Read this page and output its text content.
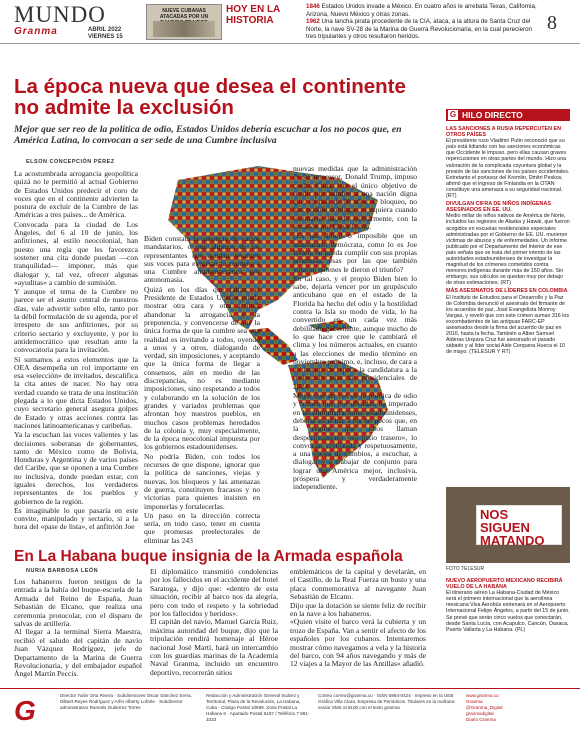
MUNDO
Granma	ABRIL 2022
VIERNES 15
NUEVE CUBANAS ATACADAS POR UN
HOY EN LA
HISTORIA
1846 Estados Unidos invade a México. En cuatro años le arrebata Texas, California, Arizona, Nuevo México y otras zonas.
1962 Una lancha pirata procedente de la CIA, ataca, a la altura de Santa Cruz del Norte, la nave SV-28 de la Marina de Guerra Revolucionaria, en la cual perecieron tres tripulantes y otros resultaron heridos.
8
La época nueva que desea el continente no admite la exclusión
Mejor que ser reo de la política de odio, Estados Unidos debería escuchar a los no pocos que, en América Latina, lo convocan a ser sede de una Cumbre inclusiva
ELSON CONCEPCIÓN PÉREZ

La acostumbrada arrogancia geopolítica quizá no le permitió al actual Gobierno de Estados Unidos predecir el coro de voces que en el continente advierten la postura de excluir de la Cumbre de las Américas a tres países... de América.

Convocada para la ciudad de Los Ángeles, del 6 al 10 de junio, los anfitriones, al estilo neocolonial, han puesto una regla que les favorezca sostener una cita donde puedan —con tranquilidad— imponer, más que dialogar y, tal vez, ofrecer algunas «ayuditas» a cambio de sumisión.

Y aunque el tema de la Cumbre no parece ser el asunto central de nuestros días, vale advertir sobre ello, tanto por la débil formulación de su agenda, por el irrespeto de sus anfitriones, por su criterio sectario y excluyente, y por lo antidemocrático que resultan ante la convocatoria para la invitación.

Si sumamos a estos elementos que la OEA desempeña un rol importante en esa «selección» de invitados, descalifica la cita antes de nacer. No hay otra verdad cuando se trata de una institución plegada a lo que dicta Estados Unidos, cuyo secretario general asegura golpes de Estado y otras acciones contra las naciones latinoamericanas y caribeñas.

Ya la escuchan las voces valientes y las decisiones soberanas de gobernantes, tanto de México como de Bolivia, Honduras y Argentina y de varios países del Caribe, que se oponen a una Cumbre no inclusiva, donde puedan estar, con iguales derechos, los verdaderos representantes de los pueblos y gobiernos de la región.

Es imaginable lo que pasaría en este convite, manipulado y sectario, si a la hora del «pase de lista», el anfitrión Joe

Biden constata la ausencia de varios mandatarios, o que algunos de los representantes que acudan levanten sus voces para expresar la condena a una Cumbre antidemocrática por antonomasia.

Quizá en los días que faltan, el Presidente de Estados Unidos pueda mostrar otra cara y otra actitud, abandonar la arrogancia y la prepotencia, y convencerse de que la única forma de que la cumbre sea una realidad es invitando a todos, oyendo a unos y a otros, dialogando de verdad, sin imposiciones, y aceptando que la única forma de llegar a consensos, aún en medio de las discrepancias, no es mediante imposiciones, sino respetando a todos y colaborando en la solución de los grandes y variados problemas que afrontan hoy nuestros pueblos, en muchos casos problemas heredados de la colonia y, muy especialmente, de la época neocolonial impuesta por los gobiernos estadounidenses.

No podría Biden, con todos los recursos de que dispone, ignorar que la política de sanciones, viejas y nuevas, los bloqueos y las amenazas de guerra, constituyen fracasos y no victorias para quienes insisten en imponerlas y fortalecerlas.

Un paso en la dirección correcta sería, en todo caso, tener en cuenta que promesas preelectorales de eliminar las 243

nuevas medidas que la administración de su antecesor, Donald Trump, impuso contra Cuba, con el único objetivo de rendir por hambre a una nación digna que, en más de 60 años de bloqueo, no han podido doblegar, ni siquiera cuando intentaron hacerlo militarmente, con la invasión por Playa Girón.

¿Es tan difícil o imposible que un mandatario demócrata, como lo es Joe Biden, no pueda cumplir con sus propias promesas, esas por las que también votaron quienes le dieron el triunfo?

En tal caso, y el propio Biden bien lo sabe, dejaría vencer por un grupúsculo anticubano que en el estado de la Florida ha hecho del odio y la hostilidad contra la Isla su modo de vida, lo ha convertido en un cada vez más debilitado gobernante, aunque mucho de lo que hace cree que le cambiará el clima y los números actuales, en cuanto a las elecciones de medio término en noviembre próximo, e, incluso, de cara a un intento de repetir la candidatura a la reelección para las presidenciales de 2024.

Mejor que ser reo de la política de odio y crimen que, por décadas, ha imperado en las administraciones estadounidenses, debería escuchar a los no pocos que, en la región que ellos llaman despectivamente «su patio trasero», lo convocan, civilizada y respetuosamente, a una época de cambios, a escuchar, a dialogar y a trabajar de conjunto para lograr una América mejor, inclusiva, próspera y verdaderamente independiente.

G HILO DIRECTO
LAS SANCIONES A RUSIA REPERCUTEN EN OTROS PAÍSES

El presidente ruso Vladimir Putin reconoció que su país está lidiando con las sanciones económicas que Occidente le impuso, pero ellas causan graves repercusiones en otras partes del mundo. Hizo una valoración de la complicada coyuntura global y la presión de las sanciones de los países occidentales. Entretanto el portavoz del Kremlin, Dmitri Peskov, afirmó que el ingreso de Finlandia en la OTAN constituye una amenaza a su seguridad nacional. (RT)

DIVULGAN CIFRA DE NIÑOS INDÍGENAS ASESINADOS EN EE. UU.

Medio millar de niños nativos de América de Norte, incluidos las regiones de Alaska y Hawái, que fueron acogidos en escuelas residenciales especiales administradas por el Gobierno de EE. UU. murieron víctimas de abusos y de enfermedades. Un informe publicado por el Departamento del Interior de ese país señala que se trata del primer intento de las autoridades estadounidenses de investigar la magnitud de los crímenes cometidos contra menores indígenas durante más de 150 años. Sin embargo, sus cálculos se quedan muy por debajo de otras estimaciones. (RT)

MÁS ASESINATOS DE LÍDERES EN COLOMBIA

El Instituto de Estudios para el Desarrollo y la Paz de Colombia denunció el asesinato del firmante de los acuerdos de paz, José Evangelista Monroy Vargas, y reveló que con este crimen suman 316 los excombatientes de las antiguas FARC-EP asesinados desde la firma del acuerdo de paz en 2016, hasta la fecha. También a Alber Samuel Alderas Urquiza Cruz fue asesinado el pasado sábado y al líder social Aide Cerquera Hueca el 10 de mayo. (TELESUR Y RT)

NOS SIGUEN MATANDO
FOTO TELESUR
NUEVO AEROPUERTO MEXICANO RECIBIRÁ VUELO DE LA HABANA

El itinerario aéreo La Habana-Ciudad de México será el primero internacional que la aerolínea mexicana Viva Aerobús estrenará en el Aeropuerto Internacional Felipe Ángeles, a partir del 15 de junio. Se prevé que serán cinco vuelos que conectarán, desde Santa Lucía, con Acapulco, Cancún, Oaxaca, Puerto Vallarta y La Habana. (PL)

En La Habana buque insignia de la Armada española
NURIA BARBOSA LEÓN

Los habaneros fueron testigos de la entrada a la bahía del buque-escuela de la Armada del Reino de España, Juan Sebastián de Elcano, que realiza una ceremonia protocolar, con el disparo de salvas de artillería.

Al llegar a la terminal Sierra Maestra, recibió el saludo del capitán de navío Juan Vázquez Rodríguez, jefe de Departamento de la Marina de Guerra Revolucionaria, y del embajador español Ángel Martín Peccis.

El diplomático transmitió condolencias por los fallecidos en el accidente del hotel Saratoga, y dijo que: «dentro de esta situación, recibir al barco nos da alegría, pero con todo el respeto y la sobriedad por los fallecidos y heridos».

El capitán del navío, Manuel García Ruiz, máxima autoridad del buque, dijo que la tripulación rendirá homenaje al Héroe nacional José Martí, hará un intercambio con los guardias marinas de la Academia Naval Granma, incluido un encuentro deportivo, recorrerán sitios

emblemáticos de la capital y develarán, en el Castillo, de la Real Fuerza un busto y una placa conmemorativa al navegante Juan Sebastián de Elcano.

Dijo que la dotación se siente feliz de recibir en la nave a los habaneros.

«Quien visite el barco verá la cubierta y un trozo de España. Van a sentir el afecto de los españoles por los cubanos. Intentaremos mostrar cómo navegamos a vela y la historia del barco, con 94 años navegando y más de 12 viajes a la Mayor de las Antillas» añadió.

G	Director Yailin Orta Rivera · Subdirectores Oscar Sánchez Serra, Dilbert Reyes Rodríguez y Arlín Alberty Loforte · Subdirector administrativo Ramsés Gutiérrez Torres
Redacción y Administración General Suárez y Territorial, Plaza de la Revolución, La Habana, Cuba · Código Postal 10699. Zona Postal La Habana 6 · Apartado Postal 6187 / Teléfono 7 881-3333
Correo correo@granma.cu · ISSN 0864-0424 · Impreso en la UEB Gráfica Villa Clara, Empresa de Periódicos. Titulares en la mañana: enviar SMS al 8100 con el texto granma
www.granma.cu
Granma
@Granma_Digital
granmadigital
Diario Granma
